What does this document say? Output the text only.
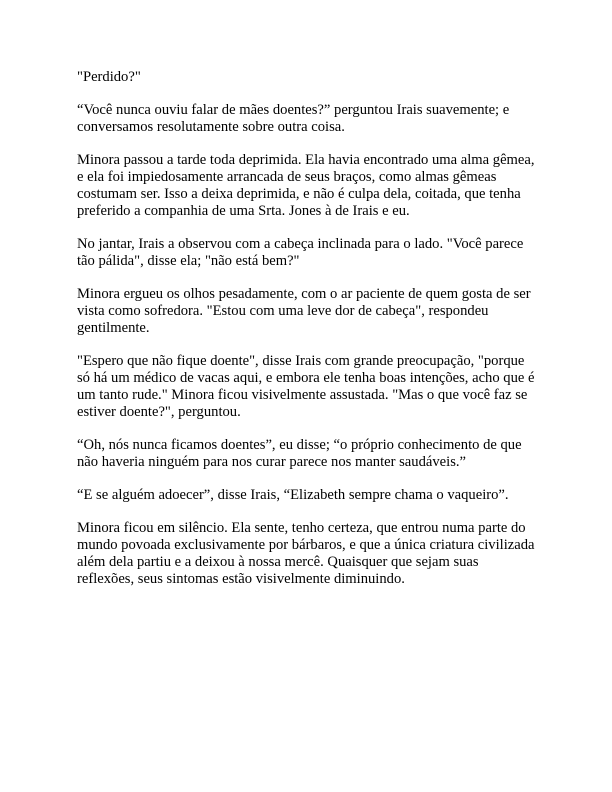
"Perdido?"

“Você nunca ouviu falar de mães doentes?” perguntou Irais suavemente; e conversamos resolutamente sobre outra coisa.

Minora passou a tarde toda deprimida. Ela havia encontrado uma alma gêmea, e ela foi impiedosamente arrancada de seus braços, como almas gêmeas costumam ser. Isso a deixa deprimida, e não é culpa dela, coitada, que tenha preferido a companhia de uma Srta. Jones à de Irais e eu.

No jantar, Irais a observou com a cabeça inclinada para o lado. "Você parece tão pálida", disse ela; "não está bem?"

Minora ergueu os olhos pesadamente, com o ar paciente de quem gosta de ser vista como sofredora. "Estou com uma leve dor de cabeça", respondeu gentilmente.

"Espero que não fique doente", disse Irais com grande preocupação, "porque só há um médico de vacas aqui, e embora ele tenha boas intenções, acho que é um tanto rude." Minora ficou visivelmente assustada. "Mas o que você faz se estiver doente?", perguntou.

“Oh, nós nunca ficamos doentes”, eu disse; “o próprio conhecimento de que não haveria ninguém para nos curar parece nos manter saudáveis.”

“E se alguém adoecer”, disse Irais, “Elizabeth sempre chama o vaqueiro”.

Minora ficou em silêncio. Ela sente, tenho certeza, que entrou numa parte do mundo povoada exclusivamente por bárbaros, e que a única criatura civilizada além dela partiu e a deixou à nossa mercê. Quaisquer que sejam suas reflexões, seus sintomas estão visivelmente diminuindo.
